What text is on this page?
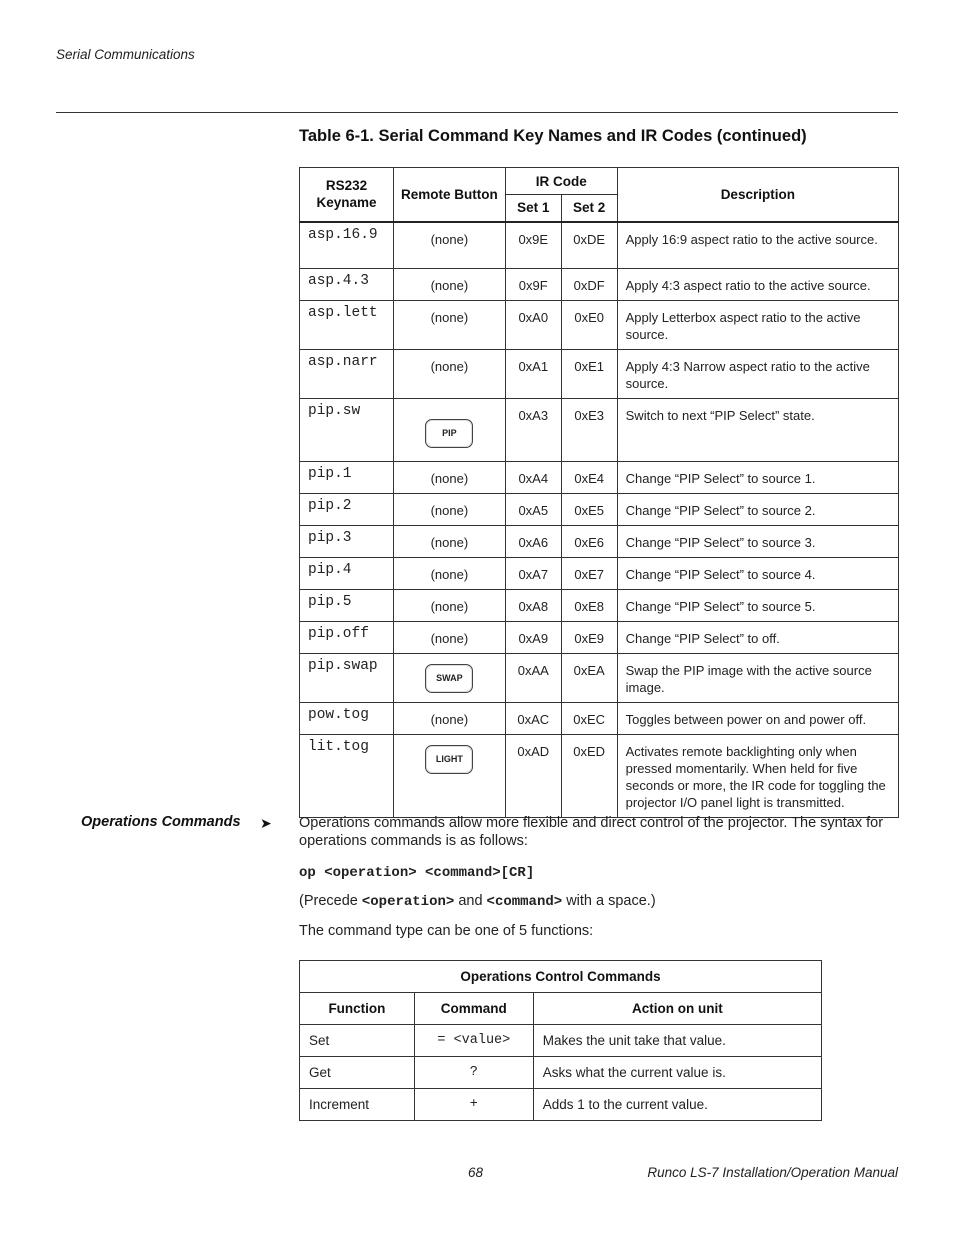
Serial Communications
Table 6-1. Serial Command Key Names and IR Codes (continued)
RS232 Keyname	Remote Button	IR Code		Description
		Set 1	Set 2	
asp.16.9	(none)	0x9E	0xDE	Apply 16:9 aspect ratio to the active source.
asp.4.3	(none)	0x9F	0xDF	Apply 4:3 aspect ratio to the active source.
asp.lett	(none)	0xA0	0xE0	Apply Letterbox aspect ratio to the active source.
asp.narr	(none)	0xA1	0xE1	Apply 4:3 Narrow aspect ratio to the active source.
pip.sw	PIP	0xA3	0xE3	Switch to next “PIP Select” state.
pip.1	(none)	0xA4	0xE4	Change “PIP Select” to source 1.
pip.2	(none)	0xA5	0xE5	Change “PIP Select” to source 2.
pip.3	(none)	0xA6	0xE6	Change “PIP Select” to source 3.
pip.4	(none)	0xA7	0xE7	Change “PIP Select” to source 4.
pip.5	(none)	0xA8	0xE8	Change “PIP Select” to source 5.
pip.off	(none)	0xA9	0xE9	Change “PIP Select” to off.
pip.swap	SWAP	0xAA	0xEA	Swap the PIP image with the active source image.
pow.tog	(none)	0xAC	0xEC	Toggles between power on and power off.
lit.tog	LIGHT	0xAD	0xED	Activates remote backlighting only when pressed momentarily. When held for five seconds or more, the IR code for toggling the projector I/O panel light is transmitted.
Operations Commands ➤ Operations commands allow more flexible and direct control of the projector. The syntax for operations commands is as follows:
op <operation> <command>[CR]
(Precede <operation> and <command> with a space.)
The command type can be one of 5 functions:
Operations Control Commands		
Function	Command	Action on unit
Set	= <value>	Makes the unit take that value.
Get	?	Asks what the current value is.
Increment	+	Adds 1 to the current value.
68	Runco LS-7 Installation/Operation Manual
